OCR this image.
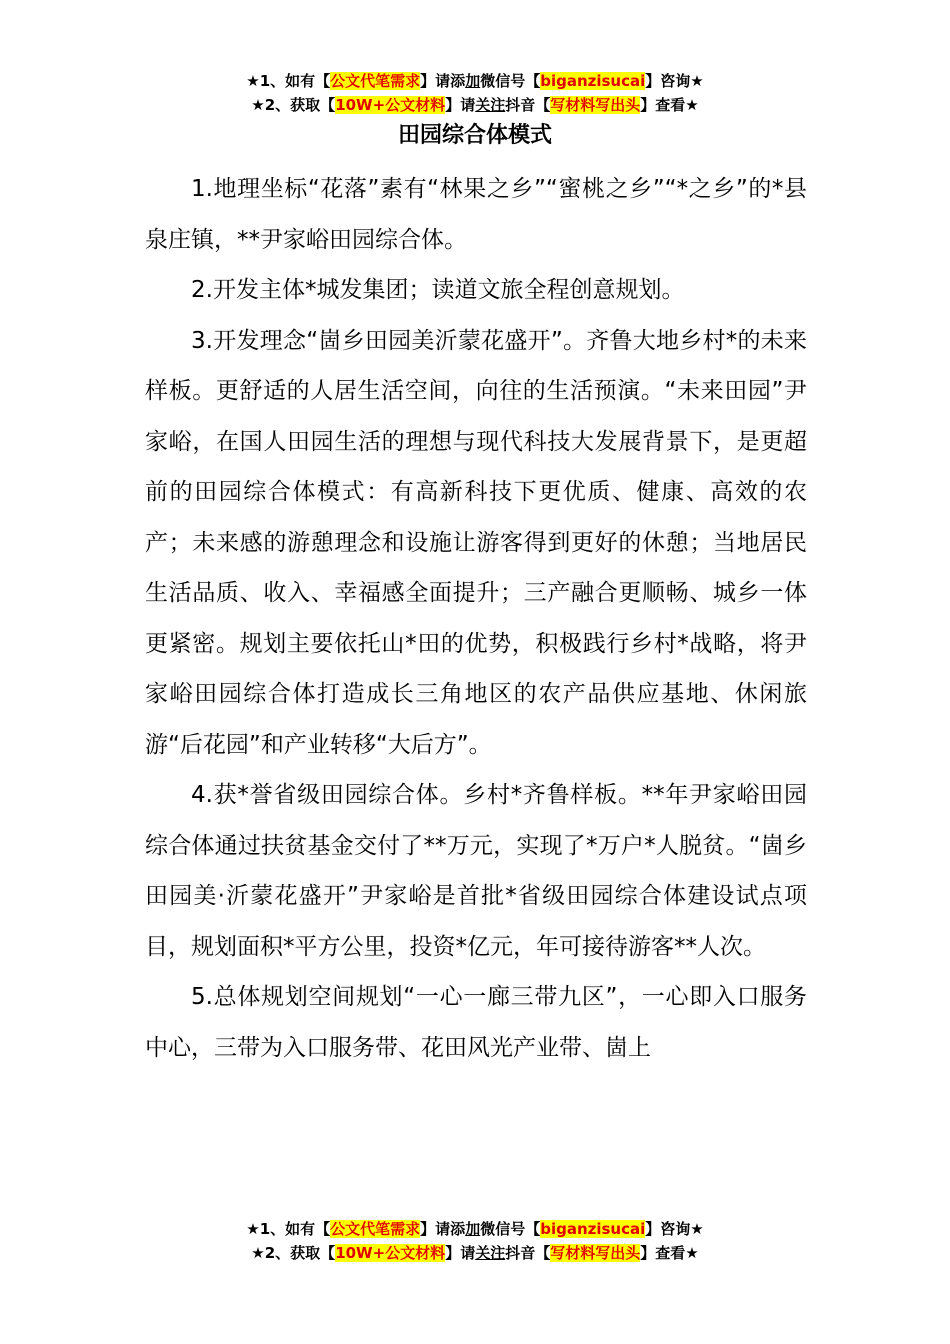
★1、如有【公文代笔需求】请添加微信号【biganzisucai】咨询★
★2、获取【10W+公文材料】请关注抖音【写材料写出头】查看★
田园综合体模式

1.地理坐标“花落”素有“林果之乡”“蜜桃之乡”“*之乡”的*县泉庄镇，**尹家峪田园综合体。

2.开发主体*城发集团；读道文旅全程创意规划。

3.开发理念“崮乡田园美沂蒙花盛开”。齐鲁大地乡村*的未来样板。更舒适的人居生活空间，向往的生活预演。“未来田园”尹家峪，在国人田园生活的理想与现代科技大发展背景下，是更超前的田园综合体模式：有高新科技下更优质、健康、高效的农产；未来感的游憩理念和设施让游客得到更好的休憩；当地居民生活品质、收入、幸福感全面提升；三产融合更顺畅、城乡一体更紧密。规划主要依托山*田的优势，积极践行乡村*战略，将尹家峪田园综合体打造成长三角地区的农产品供应基地、休闲旅游“后花园”和产业转移“大后方”。

4.获*誉省级田园综合体。乡村*齐鲁样板。**年尹家峪田园综合体通过扶贫基金交付了**万元，实现了*万户*人脱贫。“崮乡田园美·沂蒙花盛开”尹家峪是首批*省级田园综合体建设试点项目，规划面积*平方公里，投资*亿元，年可接待游客**人次。

5.总体规划空间规划“一心一廊三带九区”，一心即入口服务中心，三带为入口服务带、花田风光产业带、崮上

★1、如有【公文代笔需求】请添加微信号【biganzisucai】咨询★
★2、获取【10W+公文材料】请关注抖音【写材料写出头】查看★
